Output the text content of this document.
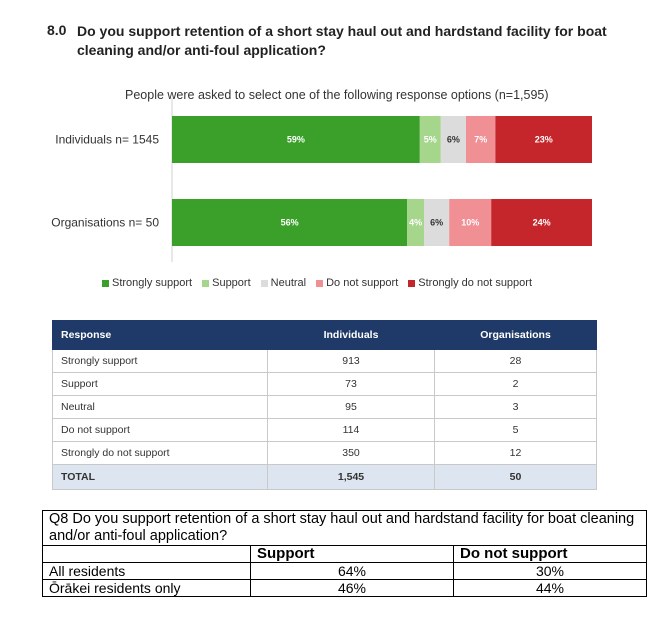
8.0 Do you support retention of a short stay haul out and hardstand facility for boat cleaning and/or anti-foul application?
People were asked to select one of the following response options (n=1,595)
Individuals n= 1545	59%	5% 6% 7%	23%
Organisations n= 50	56%	4% 6% 10%	24%
Strongly support Support Neutral Do not support Strongly do not support
Response	Individuals	Organisations
Strongly support	913	28
Support	73	2
Neutral	95	3
Do not support	114	5
Strongly do not support	350	12
TOTAL	1,545	50
Q8 Do you support retention of a short stay haul out and hardstand facility for boat cleaning and/or anti-foul application?		
	Support	Do not support
All residents	64%	30%
Ōrākei residents only	46%	44%
